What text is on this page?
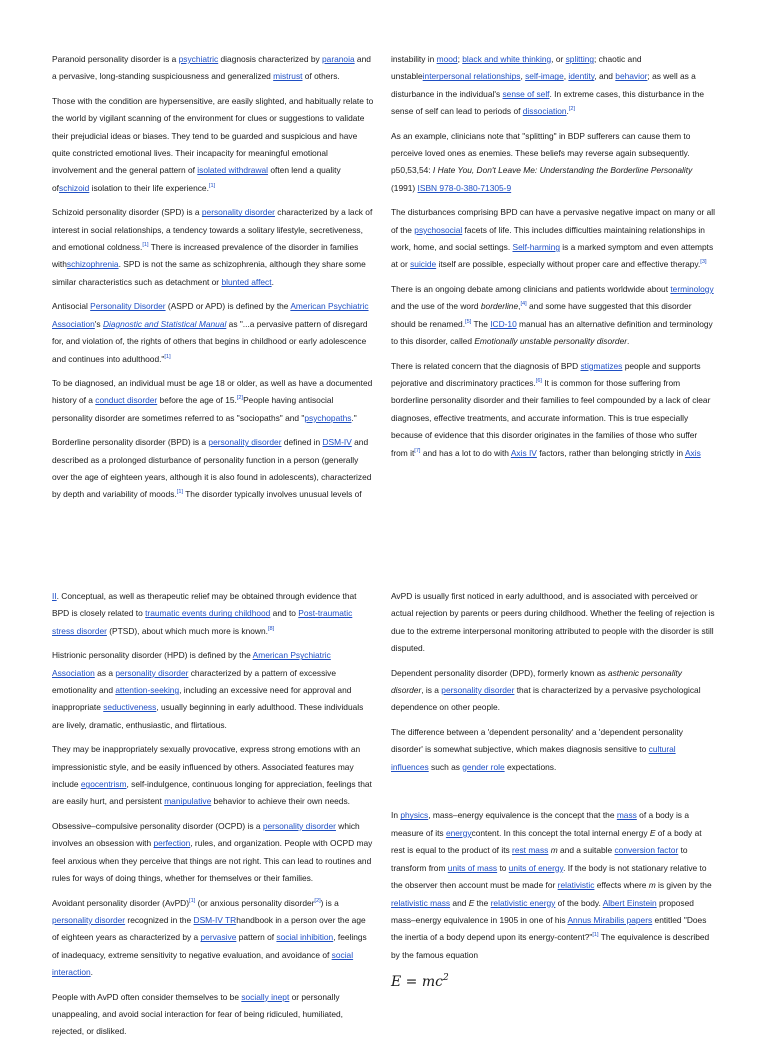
Paranoid personality disorder is a psychiatric diagnosis characterized by paranoia and a pervasive, long-standing suspiciousness and generalized mistrust of others.

Those with the condition are hypersensitive, are easily slighted, and habitually relate to the world by vigilant scanning of the environment for clues or suggestions to validate their prejudicial ideas or biases. They tend to be guarded and suspicious and have quite constricted emotional lives. Their incapacity for meaningful emotional involvement and the general pattern of isolated withdrawal often lend a quality ofschizoid isolation to their life experience.[1]

Schizoid personality disorder (SPD) is a personality disorder characterized by a lack of interest in social relationships, a tendency towards a solitary lifestyle, secretiveness, and emotional coldness.[1] There is increased prevalence of the disorder in families withschizophrenia. SPD is not the same as schizophrenia, although they share some similar characteristics such as detachment or blunted affect.

Antisocial Personality Disorder (ASPD or APD) is defined by the American Psychiatric Association's Diagnostic and Statistical Manual as "...a pervasive pattern of disregard for, and violation of, the rights of others that begins in childhood or early adolescence and continues into adulthood."[1]

To be diagnosed, an individual must be age 18 or older, as well as have a documented history of a conduct disorder before the age of 15.[2]People having antisocial personality disorder are sometimes referred to as "sociopaths" and "psychopaths."

Borderline personality disorder (BPD) is a personality disorder defined in DSM-IV and described as a prolonged disturbance of personality function in a person (generally over the age of eighteen years, although it is also found in adolescents), characterized by depth and variability of moods.[1] The disorder typically involves unusual levels of

instability in mood; black and white thinking, or splitting; chaotic and unstableinterpersonal relationships, self-image, identity, and behavior; as well as a disturbance in the individual's sense of self. In extreme cases, this disturbance in the sense of self can lead to periods of dissociation.[2]

As an example, clinicians note that "splitting" in BDP sufferers can cause them to perceive loved ones as enemies. These beliefs may reverse again subsequently. p50,53,54: I Hate You, Don't Leave Me: Understanding the Borderline Personality (1991) ISBN 978-0-380-71305-9

The disturbances comprising BPD can have a pervasive negative impact on many or all of the psychosocial facets of life. This includes difficulties maintaining relationships in work, home, and social settings. Self-harming is a marked symptom and even attempts at or suicide itself are possible, especially without proper care and effective therapy.[3]

There is an ongoing debate among clinicians and patients worldwide about terminology and the use of the word borderline,[4] and some have suggested that this disorder should be renamed.[5] The ICD-10 manual has an alternative definition and terminology to this disorder, called Emotionally unstable personality disorder.

There is related concern that the diagnosis of BPD stigmatizes people and supports pejorative and discriminatory practices.[6] It is common for those suffering from borderline personality disorder and their families to feel compounded by a lack of clear diagnoses, effective treatments, and accurate information. This is true especially because of evidence that this disorder originates in the families of those who suffer from it[7] and has a lot to do with Axis IV factors, rather than belonging strictly in Axis

II. Conceptual, as well as therapeutic relief may be obtained through evidence that BPD is closely related to traumatic events during childhood and to Post-traumatic stress disorder (PTSD), about which much more is known.[8]

Histrionic personality disorder (HPD) is defined by the American Psychiatric Association as a personality disorder characterized by a pattern of excessive emotionality and attention-seeking, including an excessive need for approval and inappropriate seductiveness, usually beginning in early adulthood. These individuals are lively, dramatic, enthusiastic, and flirtatious.

They may be inappropriately sexually provocative, express strong emotions with an impressionistic style, and be easily influenced by others. Associated features may include egocentrism, self-indulgence, continuous longing for appreciation, feelings that are easily hurt, and persistent manipulative behavior to achieve their own needs.

Obsessive–compulsive personality disorder (OCPD) is a personality disorder which involves an obsession with perfection, rules, and organization. People with OCPD may feel anxious when they perceive that things are not right. This can lead to routines and rules for ways of doing things, whether for themselves or their families.

Avoidant personality disorder (AvPD)[1] (or anxious personality disorder[2]) is a personality disorder recognized in the DSM-IV TRhandbook in a person over the age of eighteen years as characterized by a pervasive pattern of social inhibition, feelings of inadequacy, extreme sensitivity to negative evaluation, and avoidance of social interaction.

People with AvPD often consider themselves to be socially inept or personally unappealing, and avoid social interaction for fear of being ridiculed, humiliated, rejected, or disliked.

AvPD is usually first noticed in early adulthood, and is associated with perceived or actual rejection by parents or peers during childhood. Whether the feeling of rejection is due to the extreme interpersonal monitoring attributed to people with the disorder is still disputed.

Dependent personality disorder (DPD), formerly known as asthenic personality disorder, is a personality disorder that is characterized by a pervasive psychological dependence on other people.

The difference between a 'dependent personality' and a 'dependent personality disorder' is somewhat subjective, which makes diagnosis sensitive to cultural influences such as gender role expectations.

In physics, mass–energy equivalence is the concept that the mass of a body is a measure of its energycontent. In this concept the total internal energy E of a body at rest is equal to the product of its rest mass m and a suitable conversion factor to transform from units of mass to units of energy. If the body is not stationary relative to the observer then account must be made for relativistic effects where m is given by the relativistic mass and E the relativistic energy of the body. Albert Einstein proposed mass–energy equivalence in 1905 in one of his Annus Mirabilis papers entitled "Does the inertia of a body depend upon its energy-content?"[1] The equivalence is described by the famous equation

$E = mc^2$
